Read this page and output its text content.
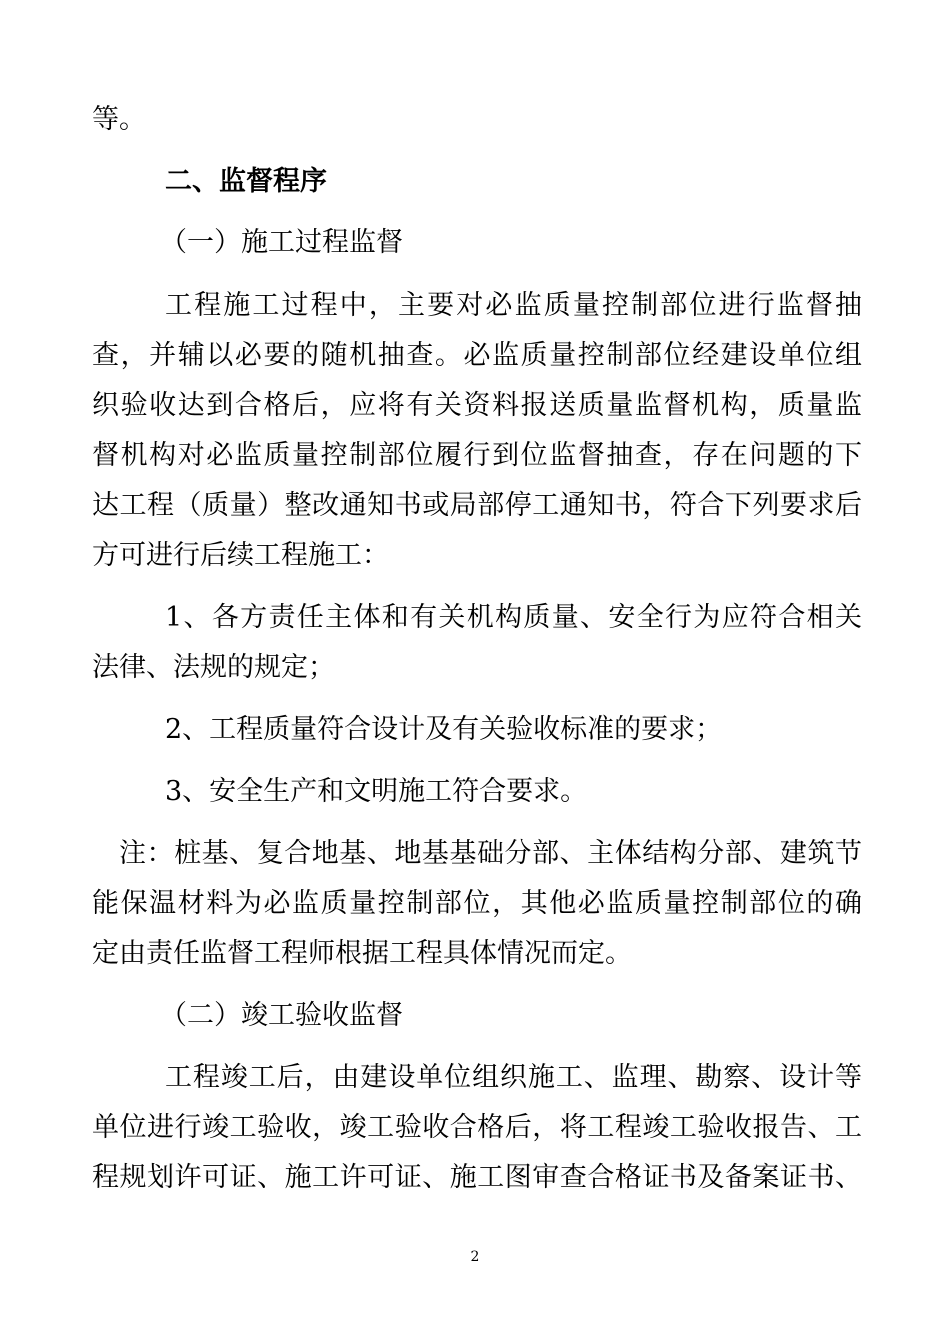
等。
二、监督程序
（一）施工过程监督
工程施工过程中，主要对必监质量控制部位进行监督抽
查，并辅以必要的随机抽查。必监质量控制部位经建设单位组
织验收达到合格后，应将有关资料报送质量监督机构，质量监
督机构对必监质量控制部位履行到位监督抽查，存在问题的下
达工程（质量）整改通知书或局部停工通知书，符合下列要求后
方可进行后续工程施工：
1、各方责任主体和有关机构质量、安全行为应符合相关
法律、法规的规定；
2、工程质量符合设计及有关验收标准的要求；
3、安全生产和文明施工符合要求。
注：桩基、复合地基、地基基础分部、主体结构分部、建筑节
能保温材料为必监质量控制部位，其他必监质量控制部位的确
定由责任监督工程师根据工程具体情况而定。
（二）竣工验收监督
工程竣工后，由建设单位组织施工、监理、勘察、设计等
单位进行竣工验收，竣工验收合格后，将工程竣工验收报告、工
程规划许可证、施工许可证、施工图审查合格证书及备案证书、
2
